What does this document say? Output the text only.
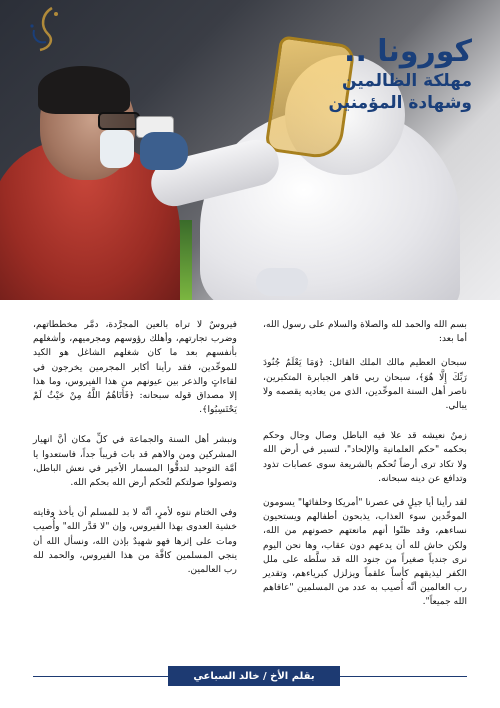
كورونا ..
مهلكة الظالمين
وشهادة المؤمنين

بسم الله والحمد لله والصلاة والسلام على رسول الله، أما بعد:

سبحان العظيم مالك الملك القائل: ﴿وَمَا يَعْلَمُ جُنُودَ رَبِّكَ إِلَّا هُوَ﴾، سبحان ربي قاهر الجبابرة المتكبرين، ناصر أهل السنة الموحِّدين، الذي من يعاديه يقصمه ولا يبالي.

زمنٌ نعيشه قد علا فيه الباطل وصال وجال وحكم بحكمه "حكم العلمانية والإلحاد"، لتسير في أرض الله ولا تكاد ترى أرضاً تُحكم بالشريعة سوى عصابات تذود وتدافع عن دينه سبحانه.

لقد رأينا أيا جيلٍ في عصرنا "أمريكا وحلفائها" يسومون الموحِّدين سوء العذاب، يذبحون أطفالهم ويستحيون نساءهم، وقد ظنّوا أنهم مانعتهم حصونهم من الله، ولكن حاش لله أن يدعهم دون عقاب، وها نحن اليوم نرى جندياً صغيراً من جنود الله قد سلَّطه على ملل الكفر ليذيقهم كأساً علقماً ويزلزل كبرياءهم، وتقدير رب العالمين أنَّه أُصيب به عدد من المسلمين "عافاهم الله جميعاً".

فيروسٌ لا تراه بالعين المجرَّدة، دمَّر مخططاتهم، وضرب تجارتهم، وأهلك رؤوسهم ومجرميهم، وأشغلهم بأنفسهم بعد ما كان شغلهم الشاغل هو الكيد للموحِّدين، فقد رأينا أكابر المجرمين يخرجون في لقاءاتٍ والذعر بين عيونهم من هذا الفيروس، وما هذا إلا مصداق قوله سبحانه: ﴿فَأَتَاهُمُ اللَّهُ مِنْ حَيْثُ لَمْ يَحْتَسِبُوا﴾.

ونبشر أهل السنة والجماعة في كلِّ مكان أنَّ انهيار المشركين ومن والاهم قد بات قريباً جداً، فاستعدوا يا أمَّة التوحيد لتدقُّوا المسمار الأخير في نعش الباطل، وتصولوا صولتكم لتُحكم أرض الله بحكم الله.

وفي الختام ننوه لأمرٍ، أنَّه لا بد للمسلم أن يأخذ وقايته خشية العدوى بهذا الفيروس، وإن "لا قدَّر الله" وأُصيب ومات على إثرها فهو شهيدٌ بإذن الله، ونسأل الله أن ينجي المسلمين كافَّة من هذا الفيروس، والحمد لله رب العالمين.

بقلم الأخ / خالد السباعي
